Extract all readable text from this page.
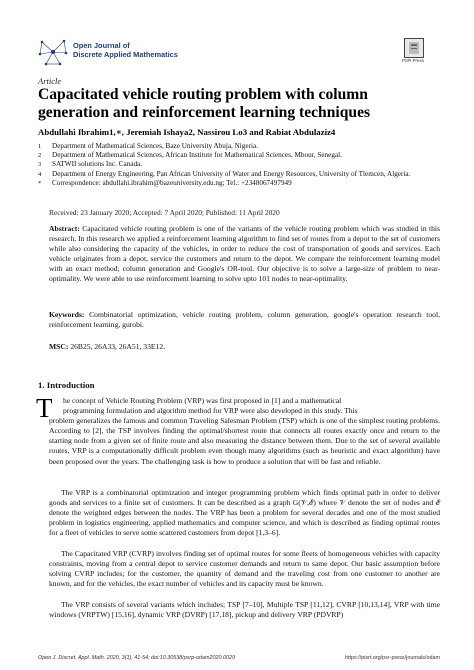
Open Journal of
Discrete Applied Mathematics
PSR Press
Article
Capacitated vehicle routing problem with column generation and reinforcement learning techniques
Abdullahi Ibrahim1,∗, Jeremiah Ishaya2, Nassirou Lo3 and Rabiat Abdulaziz4
1	Department of Mathematical Sciences, Baze University Abuja, Nigeria.
2	Department of Mathematical Sciences, African Institute for Mathematical Sciences, Mbour, Senegal.
3	SATWII solutions Inc. Canada.
4	Department of Energy Engineering, Pan African University of Water and Energy Resources, University of Tlemcen, Algeria.
*	Correspondence: abdullahi.ibrahim@bazeuniversity.edu.ng; Tel.: +2348067497949
Received: 23 January 2020; Accepted: 7 April 2020; Published: 11 April 2020
Abstract: Capacitated vehicle routing problem is one of the variants of the vehicle routing problem which was studied in this research. In this research we applied a reinforcement learning algorithm to find set of routes from a depot to the set of customers while also considering the capacity of the vehicles, in order to reduce the cost of transportation of goods and services. Each vehicle originates from a depot, service the customers and return to the depot. We compare the reinforcement learning model with an exact method; column generation and Google's OR-tool. Our objective is to solve a large-size of problem to near-optimality. We were able to use reinforcement learning to solve upto 101 nodes to near-optimality.
Keywords: Combinatorial optimization, vehicle routing problem, column generation, google's operation research tool, reinforcement learning, gurobi.
MSC: 26B25, 26A33, 26A51, 33E12.
1. Introduction
T	he concept of Vehicle Routing Problem (VRP) was first proposed in [1] and a mathematical
programming formulation and algorithm method for VRP were also developed in this study. This
problem generalizes the famous and common Traveling Salesman Problem (TSP) which is one of the simplest routing problems. According to [2], the TSP involves finding the optimal/shortest route that connects all routes exactly once and return to the starting node from a given set of finite route and also measuring the distance between them. Due to the set of several available routes, VRP is a computationally difficult problem even though many algorithms (such as heuristic and exact algorithm) have been proposed over the years. The challenging task is how to produce a solution that will be fast and reliable.
The VRP is a combinatorial optimization and integer programming problem which finds optimal path in order to deliver goods and services to a finite set of customers. It can be described as a graph G(𝒱,ℰ) where 𝒱 denote the set of nodes and ℰ denote the weighted edges between the nodes. The VRP has been a problem for several decades and one of the most studied problem in logistics engineering, applied mathematics and computer science, and which is described as finding optimal routes for a fleet of vehicles to serve some scattered customers from depot [1,3–6].
The Capacitated VRP (CVRP) involves finding set of optimal routes for some fleets of homogeneous vehicles with capacity constraints, moving from a central depot to service customer demands and return to same depot. Our basic assumption before solving CVRP includes; for the customer, the quantity of demand and the traveling cost from one customer to another are known, and for the vehicles, the exact number of vehicles and its capacity must be known.
The VRP consists of several variants which includes; TSP [7–10], Multiple TSP [11,12], CVRP [10,13,14], VRP with time windows (VRPTW) [15,16], dynamic VRP (DVRP) [17,18], pickup and delivery VRP (PDVRP)
Open J. Discret. Appl. Math. 2020, 3(1), 41-54; doi:10.30538/psrp-odam2020.0029	https://pisrt.org/psr-press/journals/odam
